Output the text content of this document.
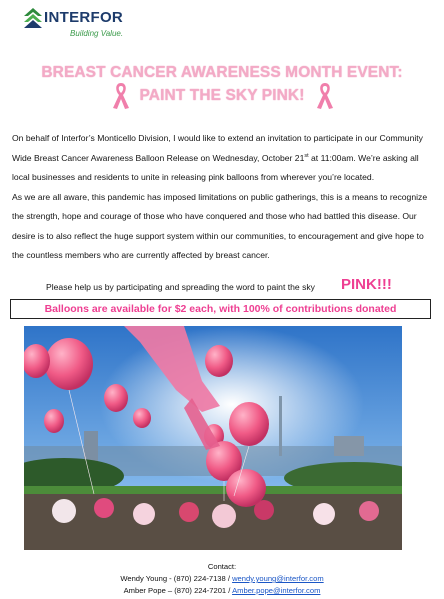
INTERFOR
Building Value.
BREAST CANCER AWARENESS MONTH EVENT:
PAINT THE SKY PINK!

On behalf of Interfor’s Monticello Division, I would like to extend an invitation to participate in our Community Wide Breast Cancer Awareness Balloon Release on Wednesday, October 21st at 11:00am. We’re asking all local businesses and residents to unite in releasing pink balloons from wherever you’re located.

As we are all aware, this pandemic has imposed limitations on public gatherings, this is a means to recognize the strength, hope and courage of those who have conquered and those who had battled this disease. Our desire is to also reflect the huge support system within our communities, to encouragement and give hope to the countless members who are currently affected by breast cancer.

Please help us by participating and spreading the word to paint the sky PINK!!!
Balloons are available for $2 each, with 100% of contributions donated
Contact:
Wendy Young - (870) 224-7138 / wendy.young@interfor.com
Amber Pope – (870) 224-7201 / Amber.pope@interfor.com
